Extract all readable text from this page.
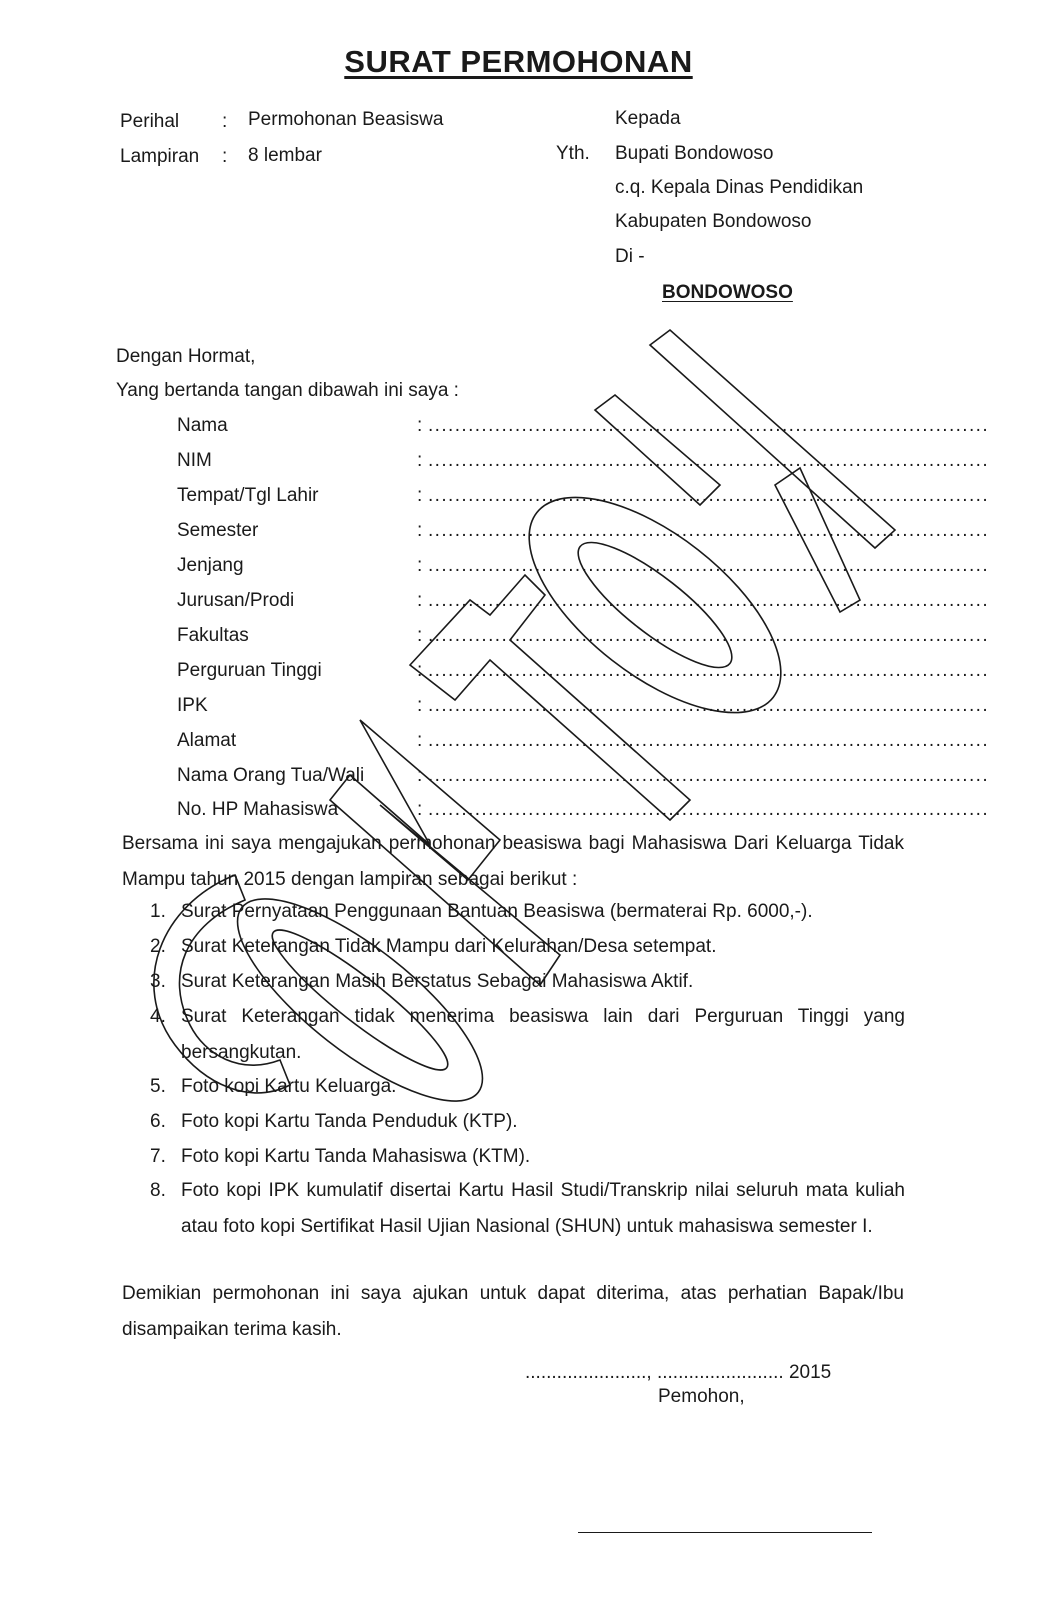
SURAT PERMOHONAN
Perihal : Permohonan Beasiswa
Lampiran : 8 lembar	Yth.
Kepada
Bupati Bondowoso
c.q. Kepala Dinas Pendidikan
Kabupaten Bondowoso
Di -
BONDOWOSO
Dengan Hormat,
Yang bertanda tangan dibawah ini saya :
Nama	: ....................................................................................
NIM	: ....................................................................................
Tempat/Tgl Lahir	: ....................................................................................
Semester	: ....................................................................................
Jenjang	: ....................................................................................
Jurusan/Prodi	: ....................................................................................
Fakultas	: ....................................................................................
Perguruan Tinggi	: ....................................................................................
IPK	: ....................................................................................
Alamat	: ....................................................................................
Nama Orang Tua/Wali	: ....................................................................................
No. HP Mahasiswa	: ....................................................................................
Bersama ini saya mengajukan permohonan beasiswa bagi Mahasiswa Dari Keluarga Tidak Mampu tahun 2015 dengan lampiran sebagai berikut :
1. Surat Pernyataan Penggunaan Bantuan Beasiswa (bermaterai Rp. 6000,-).
2. Surat Keterangan Tidak Mampu dari Kelurahan/Desa setempat.
3. Surat Keterangan Masih Berstatus Sebagai Mahasiswa Aktif.
4. Surat Keterangan tidak menerima beasiswa lain dari Perguruan Tinggi yang bersangkutan.
5. Foto kopi Kartu Keluarga.
6. Foto kopi Kartu Tanda Penduduk (KTP).
7. Foto kopi Kartu Tanda Mahasiswa (KTM).
8. Foto kopi IPK kumulatif disertai Kartu Hasil Studi/Transkrip nilai seluruh mata kuliah atau foto kopi Sertifikat Hasil Ujian Nasional (SHUN) untuk mahasiswa semester I.
Demikian permohonan ini saya ajukan untuk dapat diterima, atas perhatian Bapak/Ibu disampaikan terima kasih.
......................., ........................ 2015
Pemohon,
